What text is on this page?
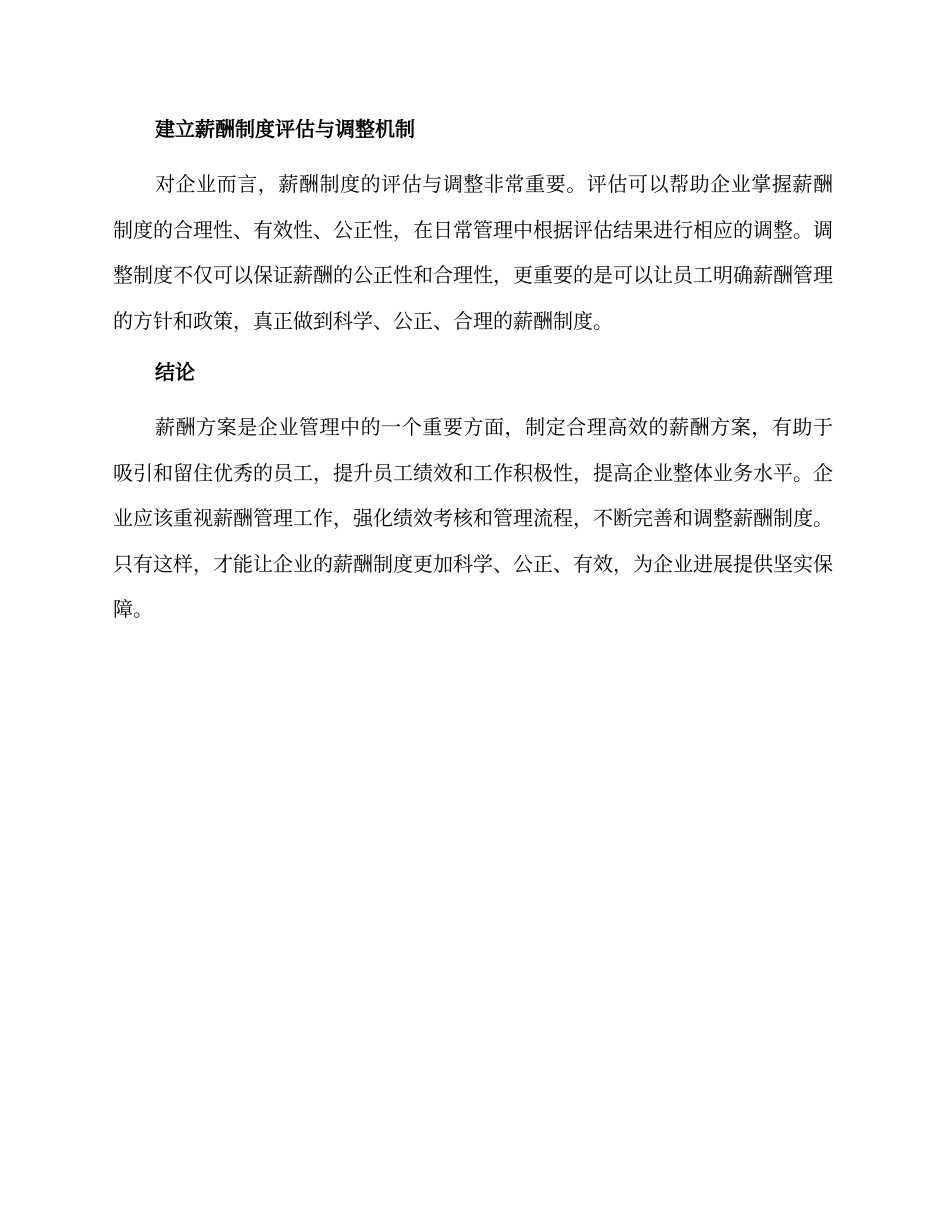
建立薪酬制度评估与调整机制

对企业而言，薪酬制度的评估与调整非常重要。评估可以帮助企业掌握薪酬制度的合理性、有效性、公正性，在日常管理中根据评估结果进行相应的调整。调整制度不仅可以保证薪酬的公正性和合理性，更重要的是可以让员工明确薪酬管理的方针和政策，真正做到科学、公正、合理的薪酬制度。

结论

薪酬方案是企业管理中的一个重要方面，制定合理高效的薪酬方案，有助于吸引和留住优秀的员工，提升员工绩效和工作积极性，提高企业整体业务水平。企业应该重视薪酬管理工作，强化绩效考核和管理流程，不断完善和调整薪酬制度。只有这样，才能让企业的薪酬制度更加科学、公正、有效，为企业进展提供坚实保障。
